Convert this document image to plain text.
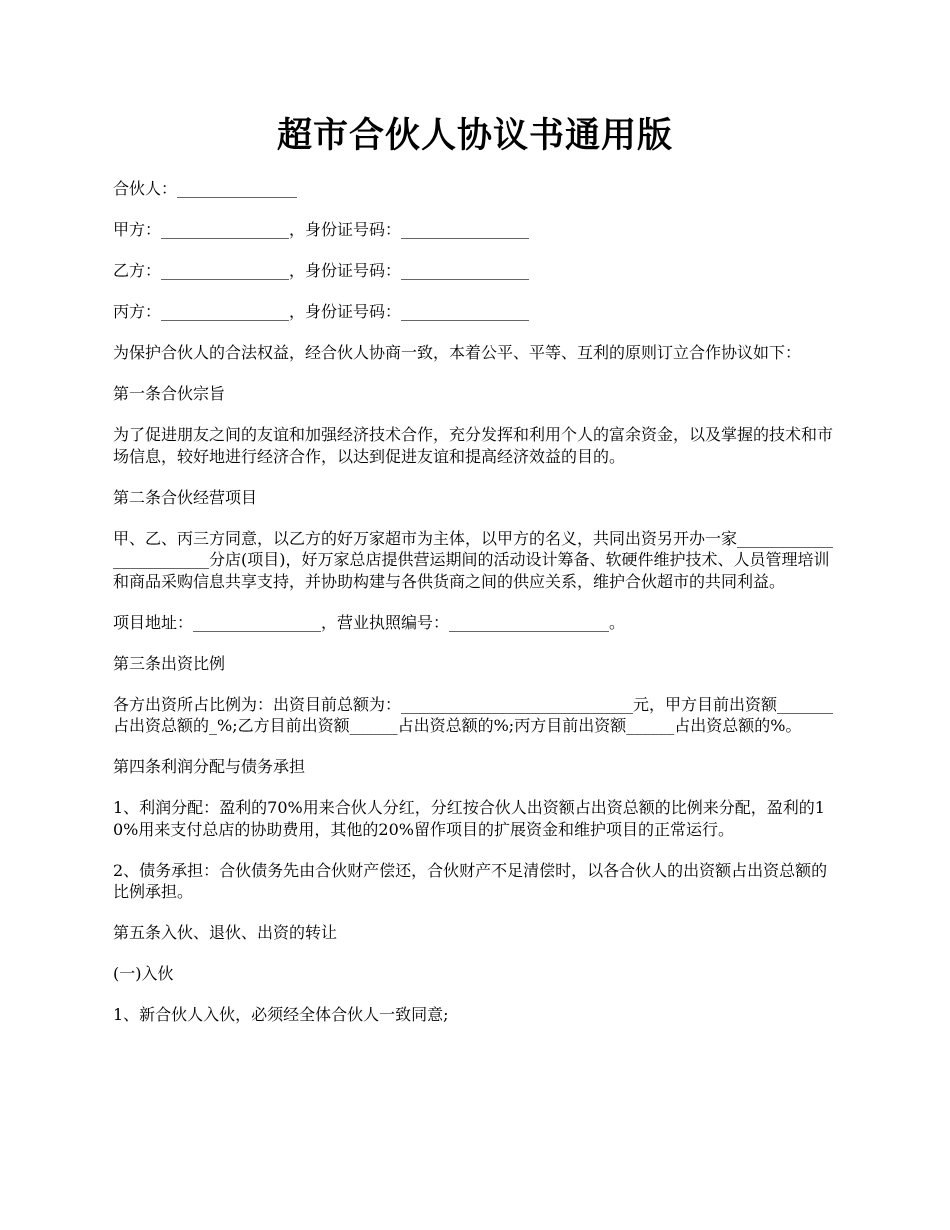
超市合伙人协议书通用版

合伙人：_______________

甲方：________________，身份证号码：________________

乙方：________________，身份证号码：________________

丙方：________________，身份证号码：________________

为保护合伙人的合法权益，经合伙人协商一致，本着公平、平等、互利的原则订立合作协议如下：

第一条合伙宗旨

为了促进朋友之间的友谊和加强经济技术合作，充分发挥和利用个人的富余资金，以及掌握的技术和市场信息，较好地进行经济合作，以达到促进友谊和提高经济效益的目的。

第二条合伙经营项目

甲、乙、丙三方同意，以乙方的好万家超市为主体，以甲方的名义，共同出资另开办一家________________________分店(项目)，好万家总店提供营运期间的活动设计筹备、软硬件维护技术、人员管理培训和商品采购信息共享支持，并协助构建与各供货商之间的供应关系，维护合伙超市的共同利益。

项目地址：________________，营业执照编号：____________________。

第三条出资比例

各方出资所占比例为：出资目前总额为：_____________________________元，甲方目前出资额_______占出资总额的_%;乙方目前出资额______占出资总额的%;丙方目前出资额______占出资总额的%。

第四条利润分配与债务承担

1、利润分配：盈利的70%用来合伙人分红，分红按合伙人出资额占出资总额的比例来分配，盈利的10%用来支付总店的协助费用，其他的20%留作项目的扩展资金和维护项目的正常运行。

2、债务承担：合伙债务先由合伙财产偿还，合伙财产不足清偿时，以各合伙人的出资额占出资总额的比例承担。

第五条入伙、退伙、出资的转让

(一)入伙

1、新合伙人入伙，必须经全体合伙人一致同意;
